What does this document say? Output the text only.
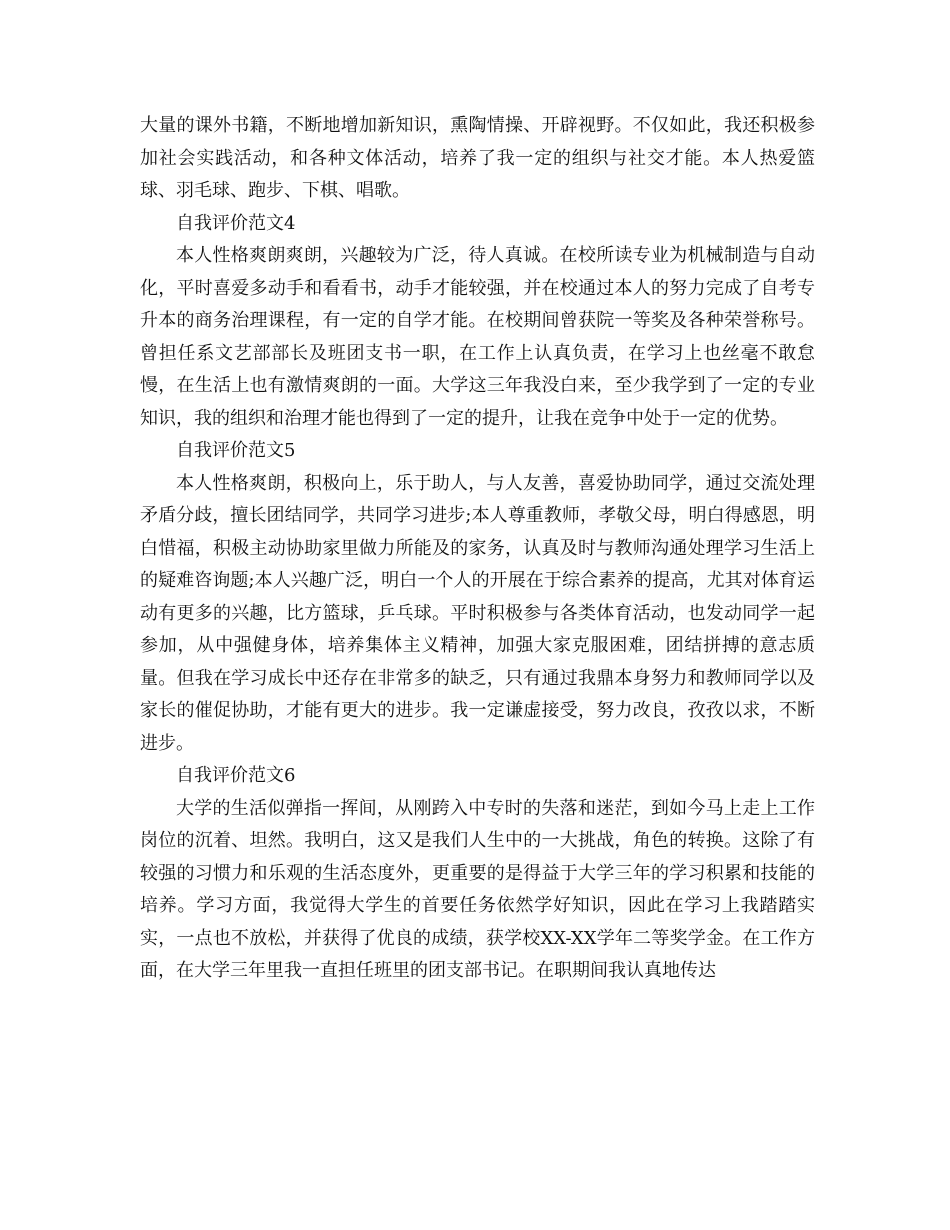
大量的课外书籍，不断地增加新知识，熏陶情操、开辟视野。不仅如此，我还积极参加社会实践活动，和各种文体活动，培养了我一定的组织与社交才能。本人热爱篮球、羽毛球、跑步、下棋、唱歌。

自我评价范文4

本人性格爽朗爽朗，兴趣较为广泛，待人真诚。在校所读专业为机械制造与自动化，平时喜爱多动手和看看书，动手才能较强，并在校通过本人的努力完成了自考专升本的商务治理课程，有一定的自学才能。在校期间曾获院一等奖及各种荣誉称号。曾担任系文艺部部长及班团支书一职，在工作上认真负责，在学习上也丝毫不敢怠慢，在生活上也有激情爽朗的一面。大学这三年我没白来，至少我学到了一定的专业知识，我的组织和治理才能也得到了一定的提升，让我在竞争中处于一定的优势。

自我评价范文5

本人性格爽朗，积极向上，乐于助人，与人友善，喜爱协助同学，通过交流处理矛盾分歧，擅长团结同学，共同学习进步;本人尊重教师，孝敬父母，明白得感恩，明白惜福，积极主动协助家里做力所能及的家务，认真及时与教师沟通处理学习生活上的疑难咨询题;本人兴趣广泛，明白一个人的开展在于综合素养的提高，尤其对体育运动有更多的兴趣，比方篮球，乒乓球。平时积极参与各类体育活动，也发动同学一起参加，从中强健身体，培养集体主义精神，加强大家克服困难，团结拼搏的意志质量。但我在学习成长中还存在非常多的缺乏，只有通过我鼎本身努力和教师同学以及家长的催促协助，才能有更大的进步。我一定谦虚接受，努力改良，孜孜以求，不断进步。

自我评价范文6

大学的生活似弹指一挥间，从刚跨入中专时的失落和迷茫，到如今马上走上工作岗位的沉着、坦然。我明白，这又是我们人生中的一大挑战，角色的转换。这除了有较强的习惯力和乐观的生活态度外，更重要的是得益于大学三年的学习积累和技能的培养。学习方面，我觉得大学生的首要任务依然学好知识，因此在学习上我踏踏实实，一点也不放松，并获得了优良的成绩，获学校XX-XX学年二等奖学金。在工作方面，在大学三年里我一直担任班里的团支部书记。在职期间我认真地传达
